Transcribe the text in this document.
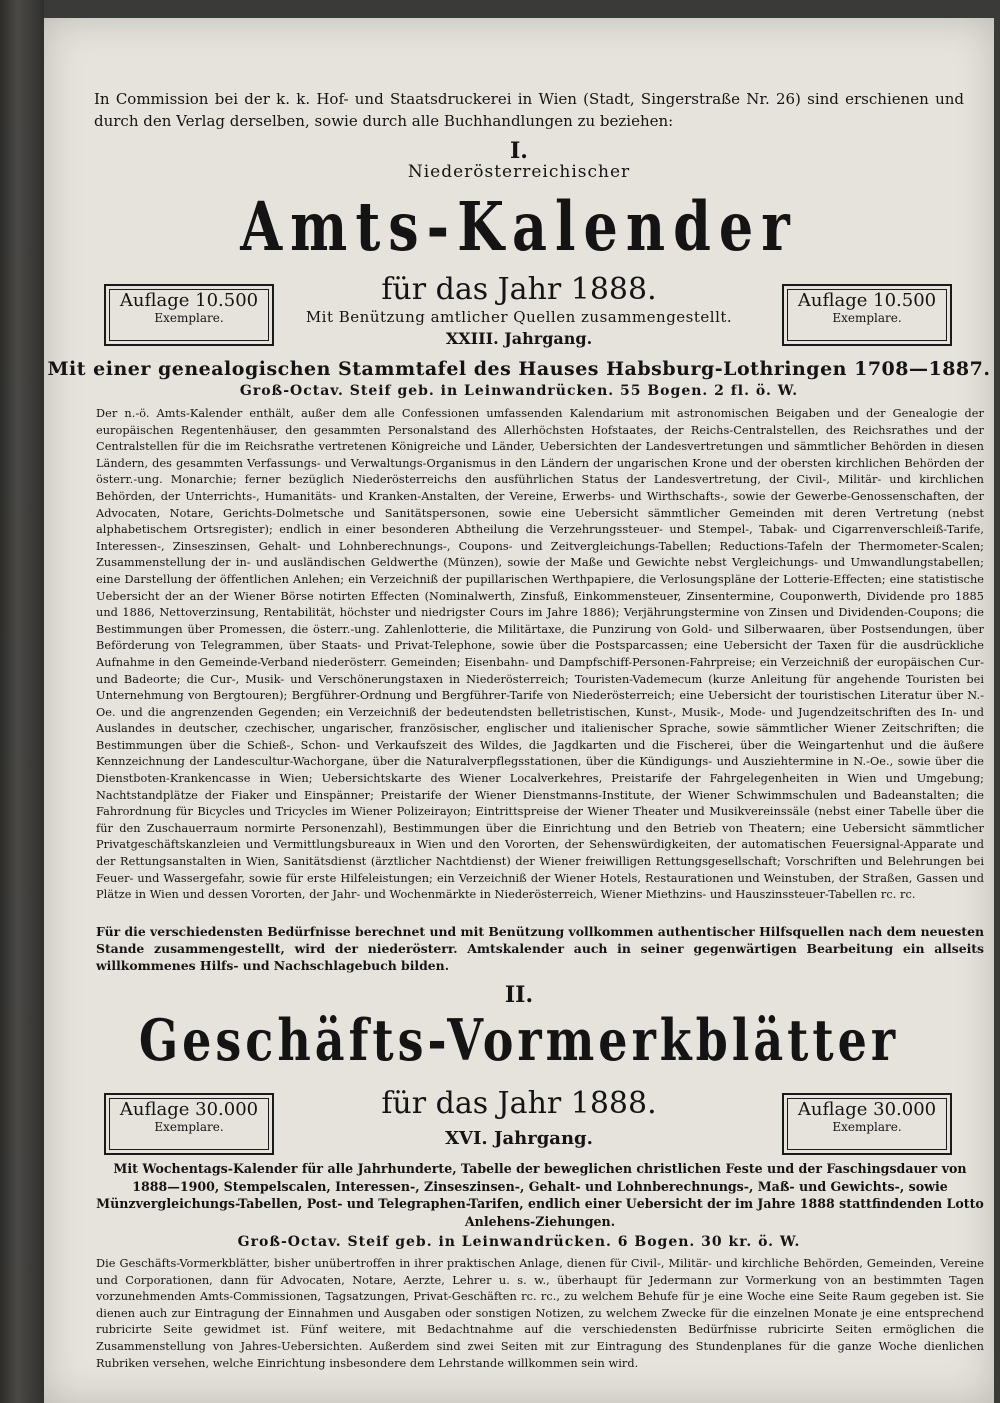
In Commission bei der k. k. Hof- und Staatsdruckerei in Wien (Stadt, Singerstraße Nr. 26) sind erschienen und durch den Verlag derselben, sowie durch alle Buchhandlungen zu beziehen:

I.
Niederösterreichischer
Amts-Kalender
für das Jahr 1888.
Mit Benützung amtlicher Quellen zusammengestellt.
XXIII. Jahrgang.
Auflage 10.500
Exemplare.
Auflage 10.500
Exemplare.
Mit einer genealogischen Stammtafel des Hauses Habsburg-Lothringen 1708—1887.
Groß-Octav. Steif geb. in Leinwandrücken. 55 Bogen. 2 fl. ö. W.

Der n.-ö. Amts-Kalender enthält, außer dem alle Confessionen umfassenden Kalendarium mit astronomischen Beigaben und der Genealogie der europäischen Regentenhäuser, den gesammten Personalstand des Allerhöchsten Hofstaates, der Reichs-Centralstellen, des Reichsrathes und der Centralstellen für die im Reichsrathe vertretenen Königreiche und Länder, Uebersichten der Landesvertretungen und sämmtlicher Behörden in diesen Ländern, des gesammten Verfassungs- und Verwaltungs-Organismus in den Ländern der ungarischen Krone und der obersten kirchlichen Behörden der österr.-ung. Monarchie; ferner bezüglich Niederösterreichs den ausführlichen Status der Landesvertretung, der Civil-, Militär- und kirchlichen Behörden, der Unterrichts-, Humanitäts- und Kranken-Anstalten, der Vereine, Erwerbs- und Wirthschafts-, sowie der Gewerbe-Genossenschaften, der Advocaten, Notare, Gerichts-Dolmetsche und Sanitätspersonen, sowie eine Uebersicht sämmtlicher Gemeinden mit deren Vertretung (nebst alphabetischem Ortsregister); endlich in einer besonderen Abtheilung die Verzehrungssteuer- und Stempel-, Tabak- und Cigarrenverschleiß-Tarife, Interessen-, Zinseszinsen, Gehalt- und Lohnberechnungs-, Coupons- und Zeitvergleichungs-Tabellen; Reductions-Tafeln der Thermometer-Scalen; Zusammenstellung der in- und ausländischen Geldwerthe (Münzen), sowie der Maße und Gewichte nebst Vergleichungs- und Umwandlungstabellen; eine Darstellung der öffentlichen Anlehen; ein Verzeichniß der pupillarischen Werthpapiere, die Verlosungspläne der Lotterie-Effecten; eine statistische Uebersicht der an der Wiener Börse notirten Effecten (Nominalwerth, Zinsfuß, Einkommensteuer, Zinsentermine, Couponwerth, Dividende pro 1885 und 1886, Nettoverzinsung, Rentabilität, höchster und niedrigster Cours im Jahre 1886); Verjährungstermine von Zinsen und Dividenden-Coupons; die Bestimmungen über Promessen, die österr.-ung. Zahlenlotterie, die Militärtaxe, die Punzirung von Gold- und Silberwaaren, über Postsendungen, über Beförderung von Telegrammen, über Staats- und Privat-Telephone, sowie über die Postsparcassen; eine Uebersicht der Taxen für die ausdrückliche Aufnahme in den Gemeinde-Verband niederösterr. Gemeinden; Eisenbahn- und Dampfschiff-Personen-Fahrpreise; ein Verzeichniß der europäischen Cur- und Badeorte; die Cur-, Musik- und Verschönerungstaxen in Niederösterreich; Touristen-Vademecum (kurze Anleitung für angehende Touristen bei Unternehmung von Bergtouren); Bergführer-Ordnung und Bergführer-Tarife von Niederösterreich; eine Uebersicht der touristischen Literatur über N.-Oe. und die angrenzenden Gegenden; ein Verzeichniß der bedeutendsten belletristischen, Kunst-, Musik-, Mode- und Jugendzeitschriften des In- und Auslandes in deutscher, czechischer, ungarischer, französischer, englischer und italienischer Sprache, sowie sämmtlicher Wiener Zeitschriften; die Bestimmungen über die Schieß-, Schon- und Verkaufszeit des Wildes, die Jagdkarten und die Fischerei, über die Weingartenhut und die äußere Kennzeichnung der Landescultur-Wachorgane, über die Naturalverpflegsstationen, über die Kündigungs- und Ausziehtermine in N.-Oe., sowie über die Dienstboten-Krankencasse in Wien; Uebersichtskarte des Wiener Localverkehres, Preistarife der Fahrgelegenheiten in Wien und Umgebung; Nachtstandplätze der Fiaker und Einspänner; Preistarife der Wiener Dienstmanns-Institute, der Wiener Schwimmschulen und Badeanstalten; die Fahrordnung für Bicycles und Tricycles im Wiener Polizeirayon; Eintrittspreise der Wiener Theater und Musikvereinssäle (nebst einer Tabelle über die für den Zuschauerraum normirte Personenzahl), Bestimmungen über die Einrichtung und den Betrieb von Theatern; eine Uebersicht sämmtlicher Privatgeschäftskanzleien und Vermittlungsbureaux in Wien und den Vororten, der Sehenswürdigkeiten, der automatischen Feuersignal-Apparate und der Rettungsanstalten in Wien, Sanitätsdienst (ärztlicher Nachtdienst) der Wiener freiwilligen Rettungsgesellschaft; Vorschriften und Belehrungen bei Feuer- und Wassergefahr, sowie für erste Hilfeleistungen; ein Verzeichniß der Wiener Hotels, Restaurationen und Weinstuben, der Straßen, Gassen und Plätze in Wien und dessen Vororten, der Jahr- und Wochenmärkte in Niederösterreich, Wiener Miethzins- und Hauszinssteuer-Tabellen rc. rc.

Für die verschiedensten Bedürfnisse berechnet und mit Benützung vollkommen authentischer Hilfsquellen nach dem neuesten Stande zusammengestellt, wird der niederösterr. Amtskalender auch in seiner gegenwärtigen Bearbeitung ein allseits willkommenes Hilfs- und Nachschlagebuch bilden.

II.
Geschäfts-Vormerkblätter
für das Jahr 1888.
XVI. Jahrgang.
Auflage 30.000
Exemplare.
Auflage 30.000
Exemplare.

Mit Wochentags-Kalender für alle Jahrhunderte, Tabelle der beweglichen christlichen Feste und der Faschingsdauer von 1888—1900, Stempelscalen, Interessen-, Zinseszinsen-, Gehalt- und Lohnberechnungs-, Maß- und Gewichts-, sowie Münzvergleichungs-Tabellen, Post- und Telegraphen-Tarifen, endlich einer Uebersicht der im Jahre 1888 stattfindenden Lotto Anlehens-Ziehungen.

Groß-Octav. Steif geb. in Leinwandrücken. 6 Bogen. 30 kr. ö. W.

Die Geschäfts-Vormerkblätter, bisher unübertroffen in ihrer praktischen Anlage, dienen für Civil-, Militär- und kirchliche Behörden, Gemeinden, Vereine und Corporationen, dann für Advocaten, Notare, Aerzte, Lehrer u. s. w., überhaupt für Jedermann zur Vormerkung von an bestimmten Tagen vorzunehmenden Amts-Commissionen, Tagsatzungen, Privat-Geschäften rc. rc., zu welchem Behufe für je eine Woche eine Seite Raum gegeben ist. Sie dienen auch zur Eintragung der Einnahmen und Ausgaben oder sonstigen Notizen, zu welchem Zwecke für die einzelnen Monate je eine entsprechend rubricirte Seite gewidmet ist. Fünf weitere, mit Bedachtnahme auf die verschiedensten Bedürfnisse rubricirte Seiten ermöglichen die Zusammenstellung von Jahres-Uebersichten. Außerdem sind zwei Seiten mit zur Eintragung des Stundenplanes für die ganze Woche dienlichen Rubriken versehen, welche Einrichtung insbesondere dem Lehrstande willkommen sein wird.
